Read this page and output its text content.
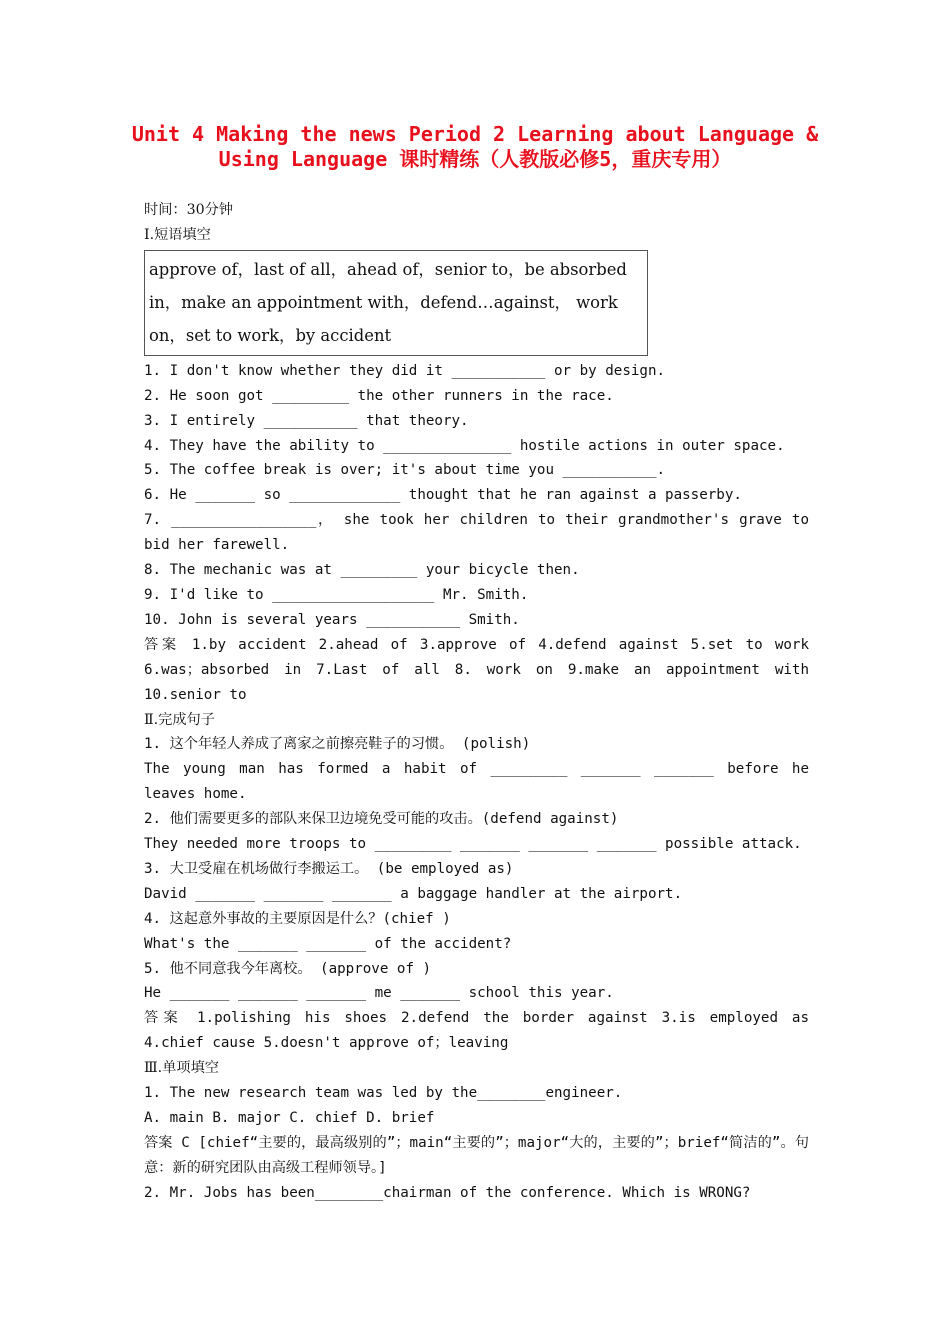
Unit 4 Making the news Period 2 Learning about Language &
Using Language 课时精练（人教版必修5，重庆专用）

时间：30分钟

I.短语填空

approve of，last of all，ahead of，senior to，be absorbed in，make an appointment with，defend…against， work on，set to work，by accident

1. I don't know whether they did it ___________ or by design.

2. He soon got _________ the other runners in the race.

3. I entirely ___________ that theory.

4. They have the ability to _______________ hostile actions in outer space.

5. The coffee break is over; it's about time you ___________.

6. He _______ so _____________ thought that he ran against a passerby.

7. _________________， she took her children to their grandmother's grave to bid her farewell.

8. The mechanic was at _________ your bicycle then.

9. I'd like to ___________________ Mr. Smith.

10. John is several years ___________ Smith.

答案 1.by accident 2.ahead of 3.approve of 4.defend against 5.set to work 6.was；absorbed in 7.Last of all 8. work on 9.make an appointment with 10.senior to

Ⅱ.完成句子

1. 这个年轻人养成了离家之前擦亮鞋子的习惯。 (polish)

The young man has formed a habit of _________ _______ _______ before he leaves home.

2. 他们需要更多的部队来保卫边境免受可能的攻击。(defend against)

They needed more troops to _________ _______ _______ _______ possible attack.

3. 大卫受雇在机场做行李搬运工。 (be employed as)

David _______ _______ _______ a baggage handler at the airport.

4. 这起意外事故的主要原因是什么？(chief )

What's the _______ _______ of the accident?

5. 他不同意我今年离校。 (approve of )

He _______ _______ _______ me _______ school this year.

答案 1.polishing his shoes 2.defend the border against 3.is employed as 4.chief cause 5.doesn't approve of；leaving

Ⅲ.单项填空

1. The new research team was led by the________engineer.

A. main B. major C. chief D. brief

答案 C [chief“主要的，最高级别的”；main“主要的”；major“大的，主要的”；brief“简洁的”。句意：新的研究团队由高级工程师领导。]

2. Mr. Jobs has been________chairman of the conference. Which is WRONG?
